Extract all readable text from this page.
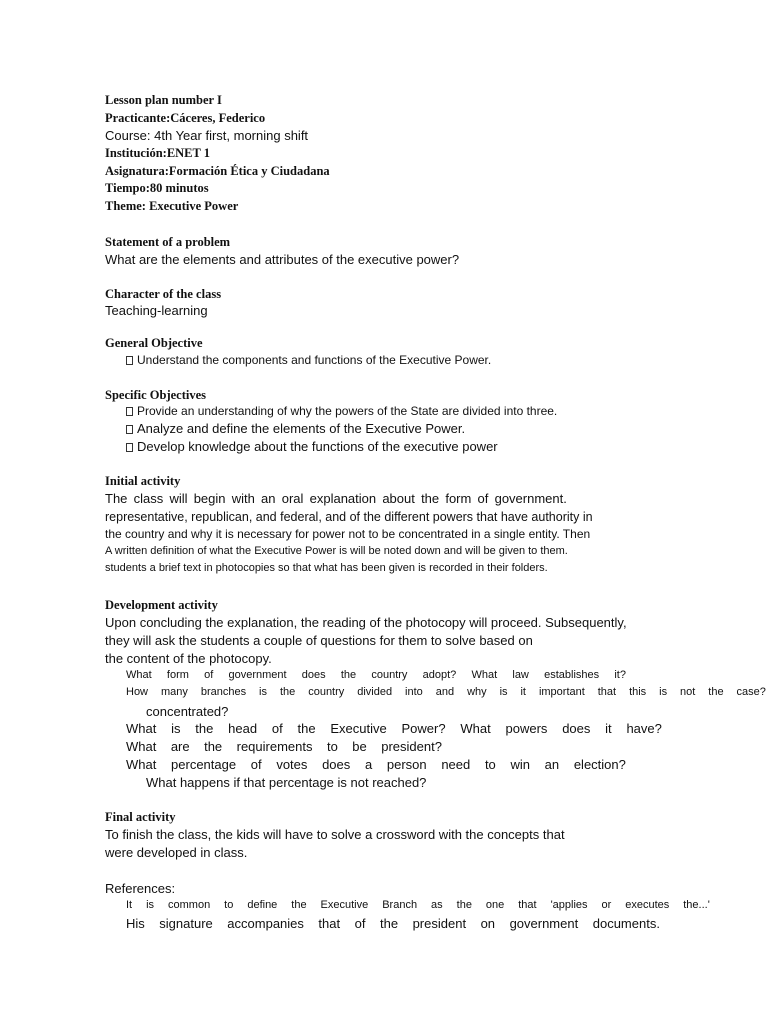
Lesson plan number I
Practicante:Cáceres, Federico
Course: 4th Year first, morning shift
Institución:ENET 1
Asignatura:Formación Ética y Ciudadana
Tiempo:80 minutos
Theme: Executive Power
Statement of a problem
What are the elements and attributes of the executive power?
Character of the class
Teaching-learning
General Objective
Understand the components and functions of the Executive Power.
Specific Objectives
Provide an understanding of why the powers of the State are divided into three.
Analyze and define the elements of the Executive Power.
Develop knowledge about the functions of the executive power
Initial activity
The class will begin with an oral explanation about the form of government.
representative, republican, and federal, and of the different powers that have authority in
the country and why it is necessary for power not to be concentrated in a single entity. Then
A written definition of what the Executive Power is will be noted down and will be given to them.
students a brief text in photocopies so that what has been given is recorded in their folders.
Development activity
Upon concluding the explanation, the reading of the photocopy will proceed. Subsequently,
they will ask the students a couple of questions for them to solve based on
the content of the photocopy.
What form of government does the country adopt? What law establishes it?
How many branches is the country divided into and why is it important that this is not the case?
concentrated?
What is the head of the Executive Power? What powers does it have?
What are the requirements to be president?
What percentage of votes does a person need to win an election?
What happens if that percentage is not reached?
Final activity
To finish the class, the kids will have to solve a crossword with the concepts that
were developed in class.
References:
It is common to define the Executive Branch as the one that 'applies or executes the...'
His signature accompanies that of the president on government documents.
